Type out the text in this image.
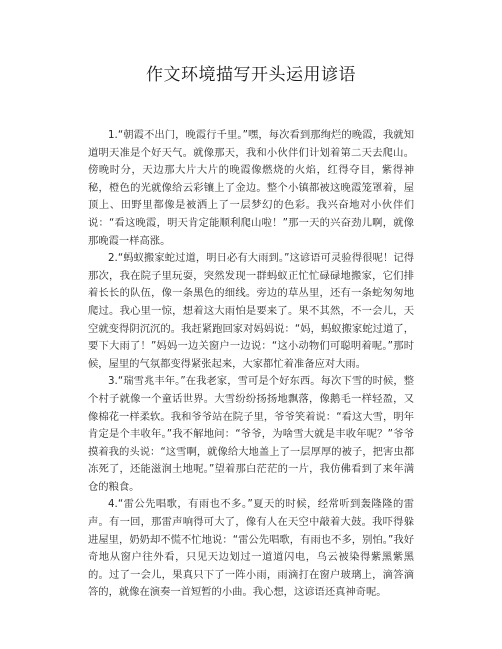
作文环境描写开头运用谚语

1.“朝霞不出门，晚霞行千里。”嘿，每次看到那绚烂的晚霞，我就知道明天准是个好天气。就像那天，我和小伙伴们计划着第二天去爬山。傍晚时分，天边那大片大片的晚霞像燃烧的火焰，红得夺目，紫得神秘，橙色的光就像给云彩镶上了金边。整个小镇都被这晚霞笼罩着，屋顶上、田野里都像是被洒上了一层梦幻的色彩。我兴奋地对小伙伴们说：“看这晚霞，明天肯定能顺利爬山啦！”那一天的兴奋劲儿啊，就像那晚霞一样高涨。

2.“蚂蚁搬家蛇过道，明日必有大雨到。”这谚语可灵验得很呢！记得那次，我在院子里玩耍，突然发现一群蚂蚁正忙忙碌碌地搬家，它们排着长长的队伍，像一条黑色的细线。旁边的草丛里，还有一条蛇匆匆地爬过。我心里一惊，想着这大雨怕是要来了。果不其然，不一会儿，天空就变得阴沉沉的。我赶紧跑回家对妈妈说：“妈，蚂蚁搬家蛇过道了，要下大雨了！”妈妈一边关窗户一边说：“这小动物们可聪明着呢。”那时候，屋里的气氛都变得紧张起来，大家都忙着准备应对大雨。

3.“瑞雪兆丰年。”在我老家，雪可是个好东西。每次下雪的时候，整个村子就像一个童话世界。大雪纷纷扬扬地飘落，像鹅毛一样轻盈，又像棉花一样柔软。我和爷爷站在院子里，爷爷笑着说：“看这大雪，明年肯定是个丰收年。”我不解地问：“爷爷，为啥雪大就是丰收年呢？”爷爷摸着我的头说：“这雪啊，就像给大地盖上了一层厚厚的被子，把害虫都冻死了，还能滋润土地呢。”望着那白茫茫的一片，我仿佛看到了来年满仓的粮食。

4.“雷公先唱歌，有雨也不多。”夏天的时候，经常听到轰隆隆的雷声。有一回，那雷声响得可大了，像有人在天空中敲着大鼓。我吓得躲进屋里，奶奶却不慌不忙地说：“雷公先唱歌，有雨也不多，别怕。”我好奇地从窗户往外看，只见天边划过一道道闪电，乌云被染得紫黑紫黑的。过了一会儿，果真只下了一阵小雨，雨滴打在窗户玻璃上，滴答滴答的，就像在演奏一首短暂的小曲。我心想，这谚语还真神奇呢。
